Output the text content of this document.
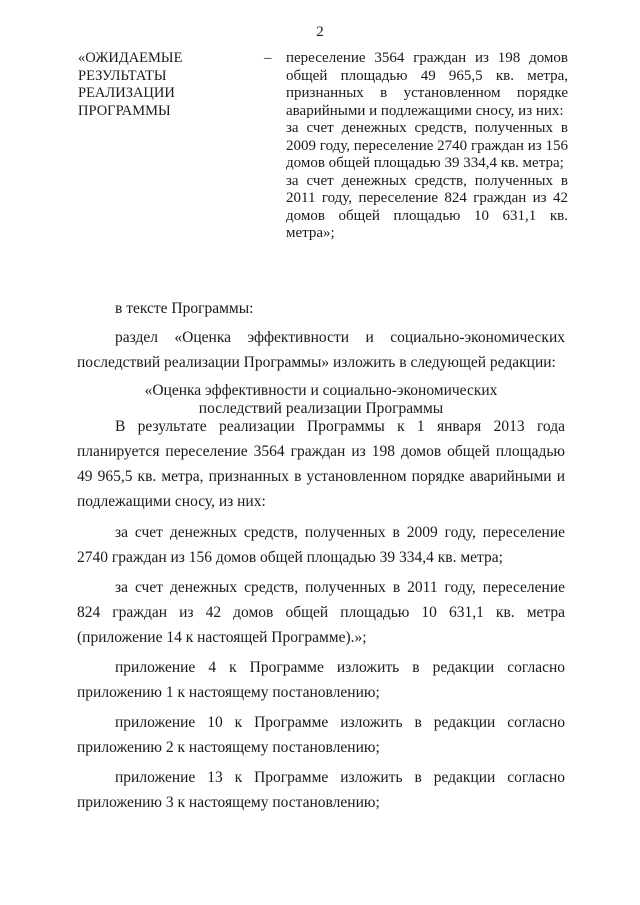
2
«ОЖИДАЕМЫЕ
РЕЗУЛЬТАТЫ
РЕАЛИЗАЦИИ
ПРОГРАММЫ
– переселение 3564 граждан из 198 домов общей площадью 49 965,5 кв. метра, признанных в установленном порядке аварийными и подлежащими сносу, из них:

за счет денежных средств, полученных в 2009 году, переселение 2740 граждан из 156 домов общей площадью 39 334,4 кв. метра;

за счет денежных средств, полученных в 2011 году, переселение 824 граждан из 42 домов общей площадью 10 631,1 кв. метра»;

в тексте Программы:

раздел «Оценка эффективности и социально-экономических последствий реализации Программы» изложить в следующей редакции:

«Оценка эффективности и социально-экономических
последствий реализации Программы

В результате реализации Программы к 1 января 2013 года планируется переселение 3564 граждан из 198 домов общей площадью 49 965,5 кв. метра, признанных в установленном порядке аварийными и подлежащими сносу, из них:

за счет денежных средств, полученных в 2009 году, переселение 2740 граждан из 156 домов общей площадью 39 334,4 кв. метра;

за счет денежных средств, полученных в 2011 году, переселение 824 граждан из 42 домов общей площадью 10 631,1 кв. метра (приложение 14 к настоящей Программе).»;

приложение 4 к Программе изложить в редакции согласно приложению 1 к настоящему постановлению;

приложение 10 к Программе изложить в редакции согласно приложению 2 к настоящему постановлению;

приложение 13 к Программе изложить в редакции согласно приложению 3 к настоящему постановлению;
